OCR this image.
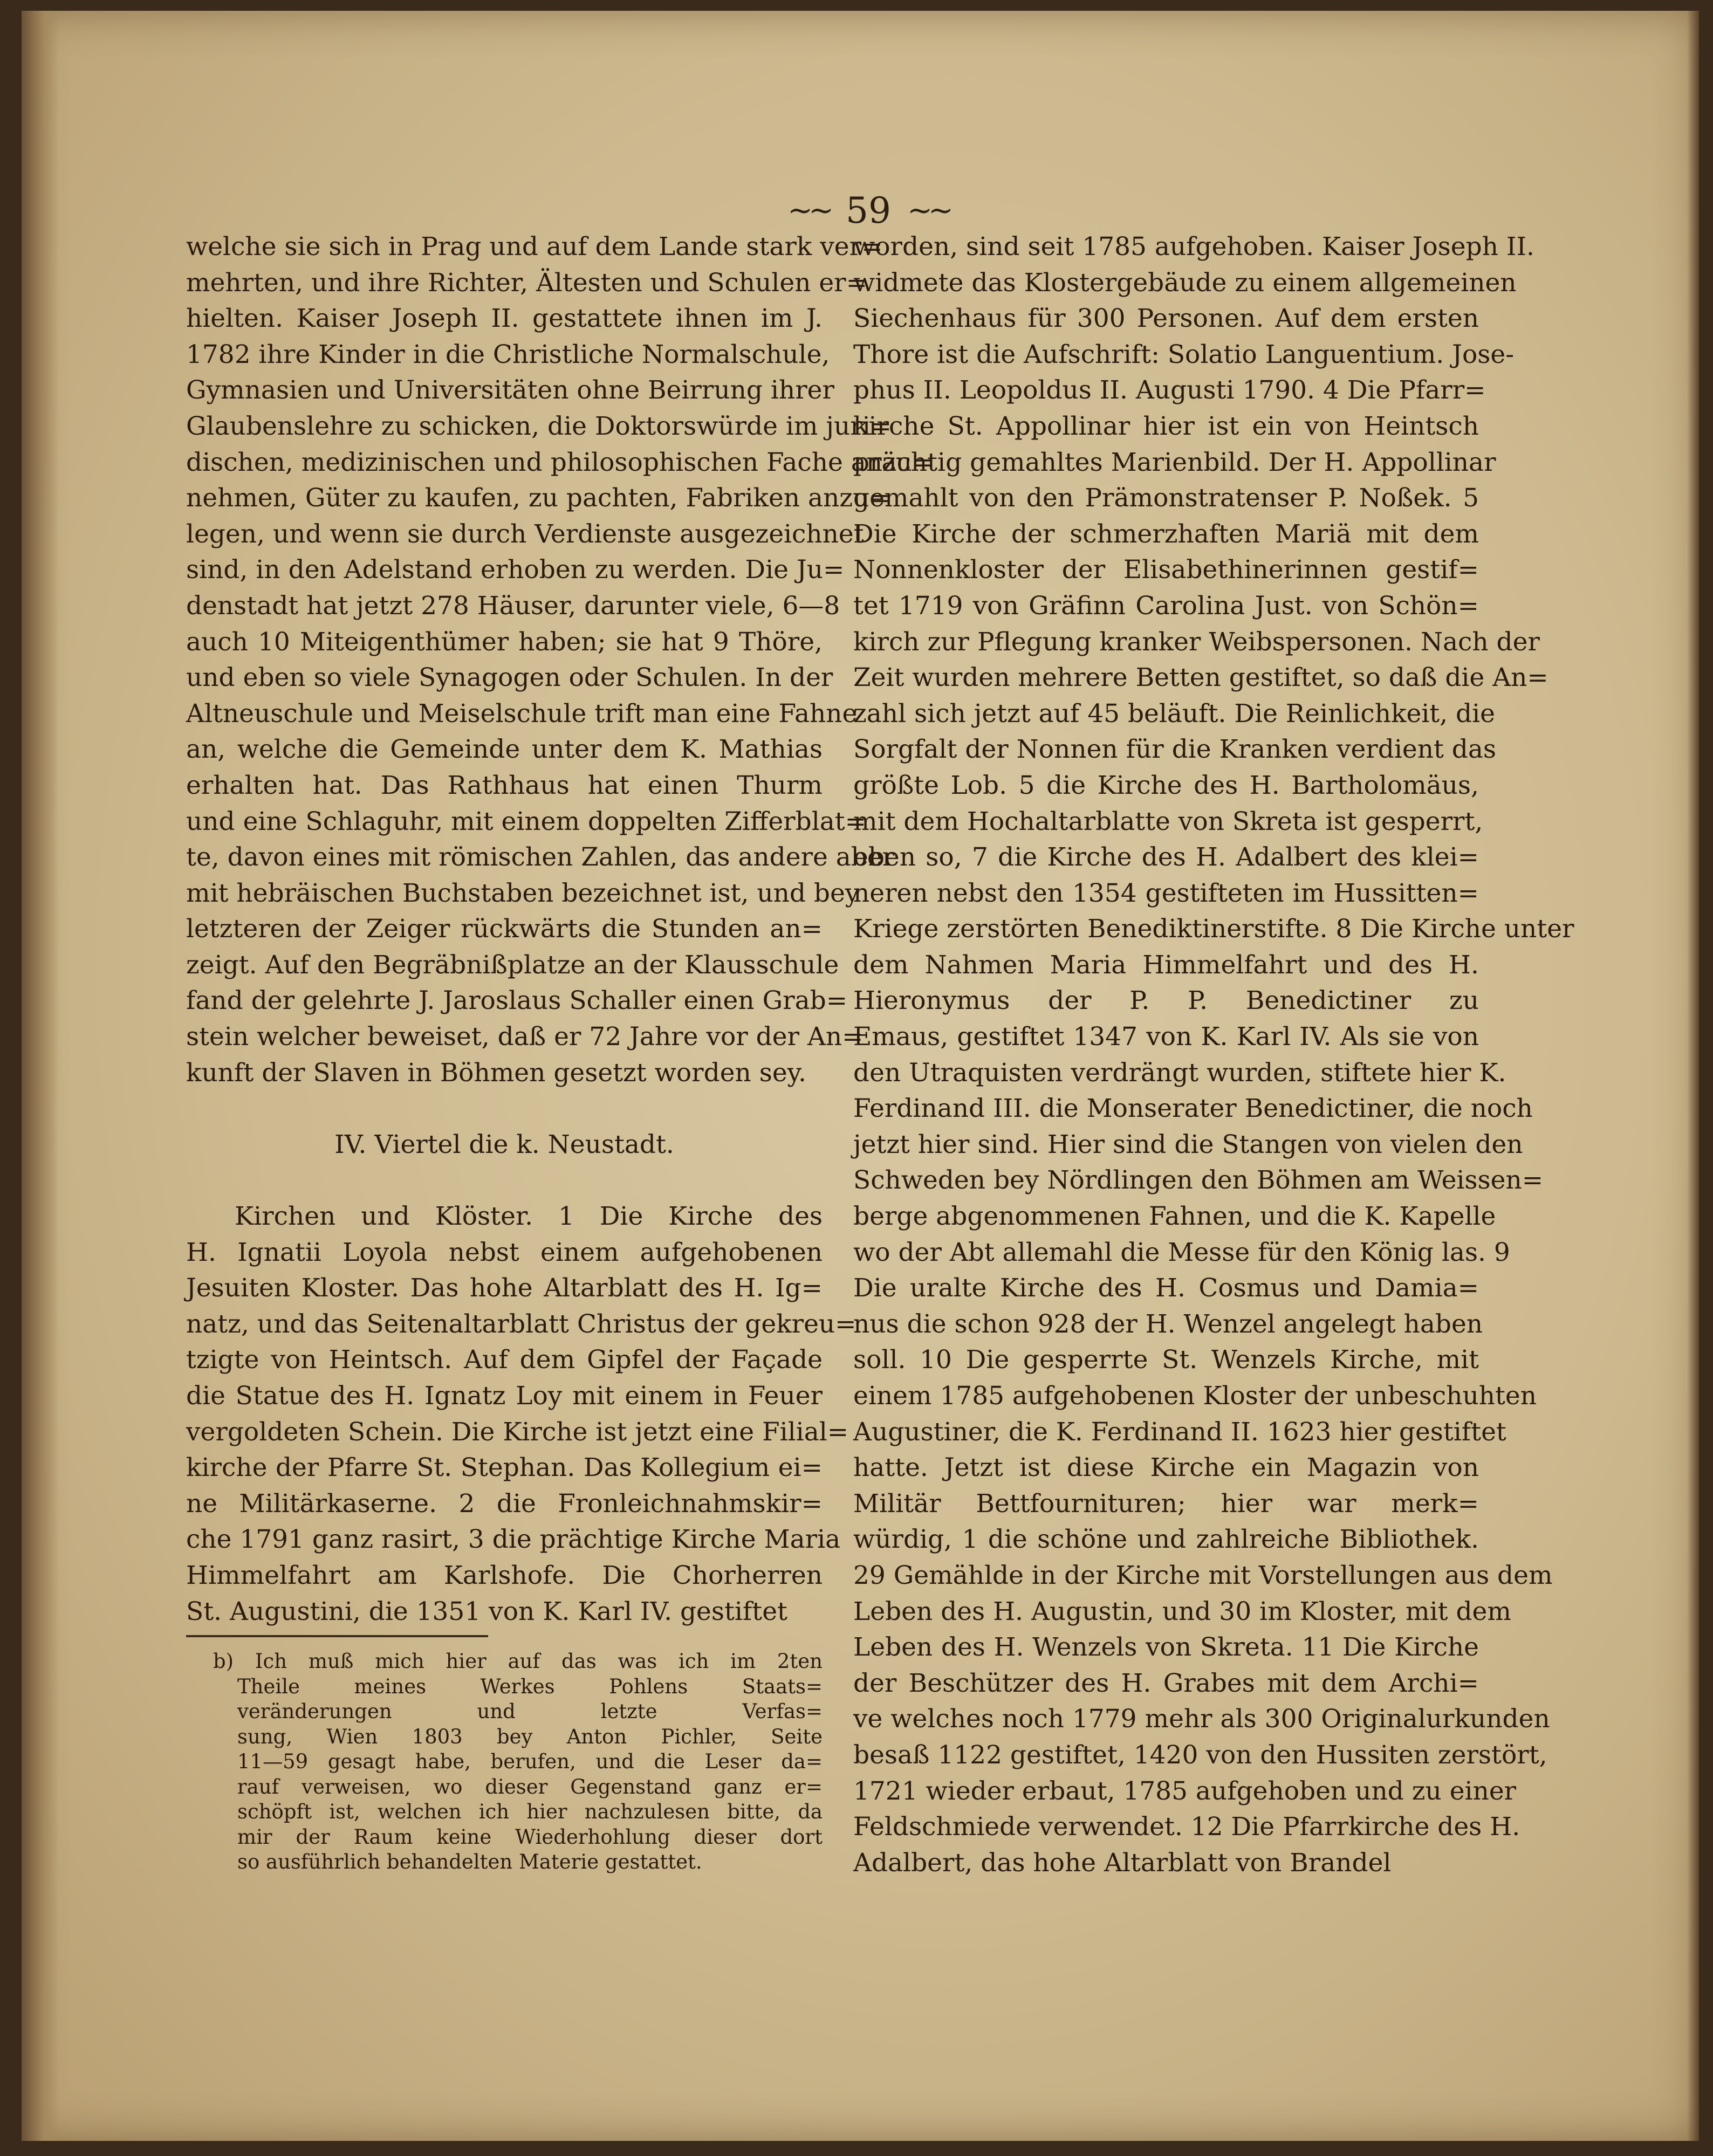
~~ 59 ~~
welche sie sich in Prag und auf dem Lande stark ver=
mehrten, und ihre Richter, Ältesten und Schulen er=
hielten. Kaiser Joseph II. gestattete ihnen im J.
1782 ihre Kinder in die Christliche Normalschule,
Gymnasien und Universitäten ohne Beirrung ihrer
Glaubenslehre zu schicken, die Doktorswürde im juri=
dischen, medizinischen und philosophischen Fache anzu=
nehmen, Güter zu kaufen, zu pachten, Fabriken anzu=
legen, und wenn sie durch Verdienste ausgezeichnet
sind, in den Adelstand erhoben zu werden. Die Ju=
denstadt hat jetzt 278 Häuser, darunter viele, 6—8
auch 10 Miteigenthümer haben; sie hat 9 Thöre,
und eben so viele Synagogen oder Schulen. In der
Altneuschule und Meiselschule trift man eine Fahne
an, welche die Gemeinde unter dem K. Mathias
erhalten hat. Das Rathhaus hat einen Thurm
und eine Schlaguhr, mit einem doppelten Zifferblat=
te, davon eines mit römischen Zahlen, das andere aber
mit hebräischen Buchstaben bezeichnet ist, und bey
letzteren der Zeiger rückwärts die Stunden an=
zeigt. Auf den Begräbnißplatze an der Klausschule
fand der gelehrte J. Jaroslaus Schaller einen Grab=
stein welcher beweiset, daß er 72 Jahre vor der An=
kunft der Slaven in Böhmen gesetzt worden sey.
IV. Viertel die k. Neustadt.
Kirchen und Klöster. 1 Die Kirche des
H. Ignatii Loyola nebst einem aufgehobenen
Jesuiten Kloster. Das hohe Altarblatt des H. Ig=
natz, und das Seitenaltarblatt Christus der gekreu=
tzigte von Heintsch. Auf dem Gipfel der Façade
die Statue des H. Ignatz Loy mit einem in Feuer
vergoldeten Schein. Die Kirche ist jetzt eine Filial=
kirche der Pfarre St. Stephan. Das Kollegium ei=
ne Militärkaserne. 2 die Fronleichnahmskir=
che 1791 ganz rasirt, 3 die prächtige Kirche Maria
Himmelfahrt am Karlshofe. Die Chorherren
St. Augustini, die 1351 von K. Karl IV. gestiftet
worden, sind seit 1785 aufgehoben. Kaiser Joseph II.
widmete das Klostergebäude zu einem allgemeinen
Siechenhaus für 300 Personen. Auf dem ersten
Thore ist die Aufschrift: Solatio Languentium. Jose-
phus II. Leopoldus II. Augusti 1790. 4 Die Pfarr=
kirche St. Appollinar hier ist ein von Heintsch
prächtig gemahltes Marienbild. Der H. Appollinar
gemahlt von den Prämonstratenser P. Noßek. 5
Die Kirche der schmerzhaften Mariä mit dem
Nonnenkloster der Elisabethinerinnen gestif=
tet 1719 von Gräfinn Carolina Just. von Schön=
kirch zur Pflegung kranker Weibspersonen. Nach der
Zeit wurden mehrere Betten gestiftet, so daß die An=
zahl sich jetzt auf 45 beläuft. Die Reinlichkeit, die
Sorgfalt der Nonnen für die Kranken verdient das
größte Lob. 5 die Kirche des H. Bartholomäus,
mit dem Hochaltarblatte von Skreta ist gesperrt,
eben so, 7 die Kirche des H. Adalbert des klei=
neren nebst den 1354 gestifteten im Hussitten=
Kriege zerstörten Benediktinerstifte. 8 Die Kirche unter
dem Nahmen Maria Himmelfahrt und des H.
Hieronymus der P. P. Benedictiner zu
Emaus, gestiftet 1347 von K. Karl IV. Als sie von
den Utraquisten verdrängt wurden, stiftete hier K.
Ferdinand III. die Monserater Benedictiner, die noch
jetzt hier sind. Hier sind die Stangen von vielen den
Schweden bey Nördlingen den Böhmen am Weissen=
berge abgenommenen Fahnen, und die K. Kapelle
wo der Abt allemahl die Messe für den König las. 9
Die uralte Kirche des H. Cosmus und Damia=
nus die schon 928 der H. Wenzel angelegt haben
soll. 10 Die gesperrte St. Wenzels Kirche, mit
einem 1785 aufgehobenen Kloster der unbeschuhten
Augustiner, die K. Ferdinand II. 1623 hier gestiftet
hatte. Jetzt ist diese Kirche ein Magazin von
Militär Bettfournituren; hier war merk=
würdig, 1 die schöne und zahlreiche Bibliothek.
29 Gemählde in der Kirche mit Vorstellungen aus dem
Leben des H. Augustin, und 30 im Kloster, mit dem
Leben des H. Wenzels von Skreta. 11 Die Kirche
der Beschützer des H. Grabes mit dem Archi=
ve welches noch 1779 mehr als 300 Originalurkunden
besaß 1122 gestiftet, 1420 von den Hussiten zerstört,
1721 wieder erbaut, 1785 aufgehoben und zu einer
Feldschmiede verwendet. 12 Die Pfarrkirche des H.
Adalbert, das hohe Altarblatt von Brandel
b) Ich muß mich hier auf das was ich im 2ten
Theile meines Werkes Pohlens Staats=
veränderungen und letzte Verfas=
sung, Wien 1803 bey Anton Pichler, Seite
11—59 gesagt habe, berufen, und die Leser da=
rauf verweisen, wo dieser Gegenstand ganz er=
schöpft ist, welchen ich hier nachzulesen bitte, da
mir der Raum keine Wiederhohlung dieser dort
so ausführlich behandelten Materie gestattet.
